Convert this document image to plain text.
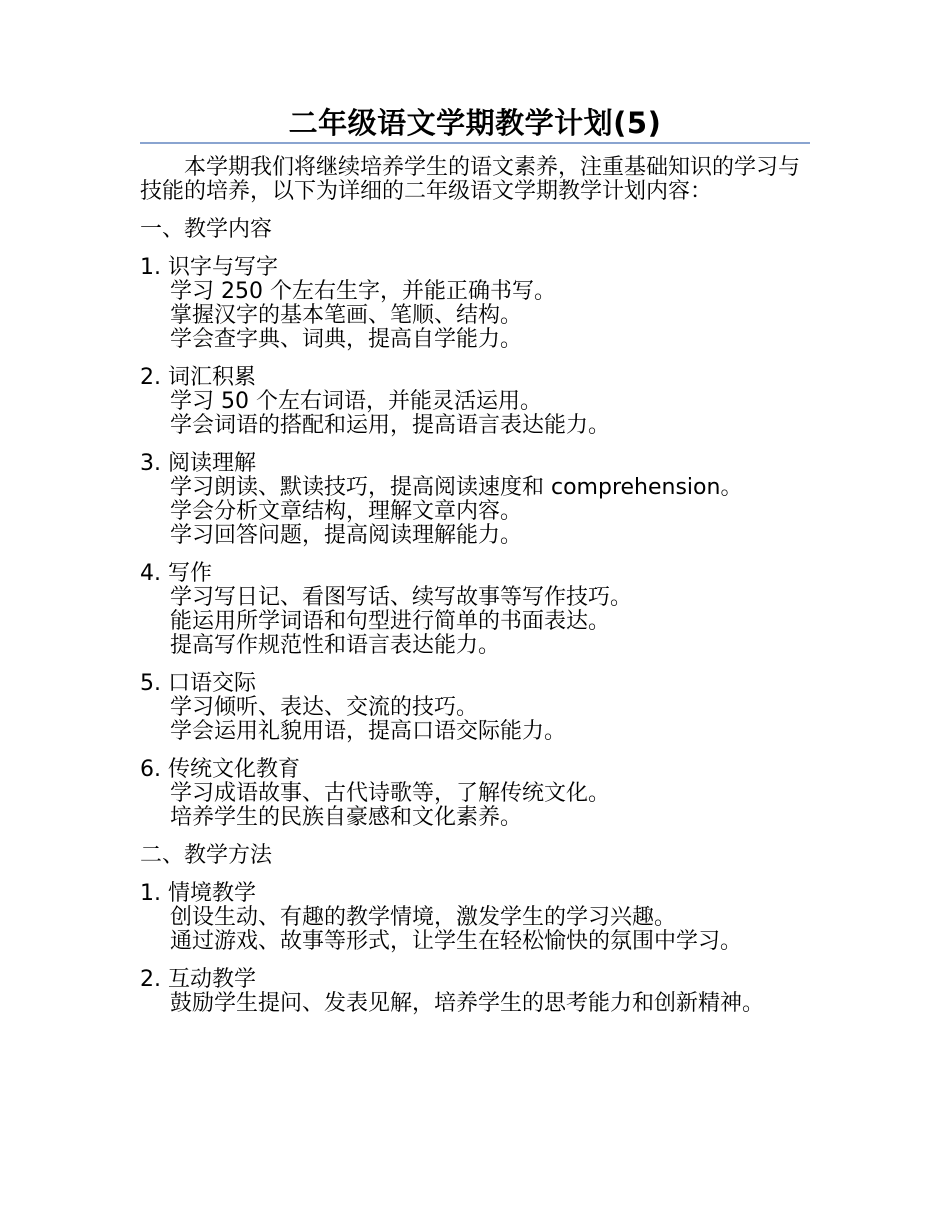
二年级语文学期教学计划(5)

本学期我们将继续培养学生的语文素养，注重基础知识的学习与技能的培养，以下为详细的二年级语文学期教学计划内容：

一、教学内容
1. 识字与写字
学习 250 个左右生字，并能正确书写。
掌握汉字的基本笔画、笔顺、结构。
学会查字典、词典，提高自学能力。
2. 词汇积累
学习 50 个左右词语，并能灵活运用。
学会词语的搭配和运用，提高语言表达能力。
3. 阅读理解
学习朗读、默读技巧，提高阅读速度和 comprehension。
学会分析文章结构，理解文章内容。
学习回答问题，提高阅读理解能力。
4. 写作
学习写日记、看图写话、续写故事等写作技巧。
能运用所学词语和句型进行简单的书面表达。
提高写作规范性和语言表达能力。
5. 口语交际
学习倾听、表达、交流的技巧。
学会运用礼貌用语，提高口语交际能力。
6. 传统文化教育
学习成语故事、古代诗歌等，了解传统文化。
培养学生的民族自豪感和文化素养。
二、教学方法
1. 情境教学
创设生动、有趣的教学情境，激发学生的学习兴趣。
通过游戏、故事等形式，让学生在轻松愉快的氛围中学习。
2. 互动教学
鼓励学生提问、发表见解，培养学生的思考能力和创新精神。
